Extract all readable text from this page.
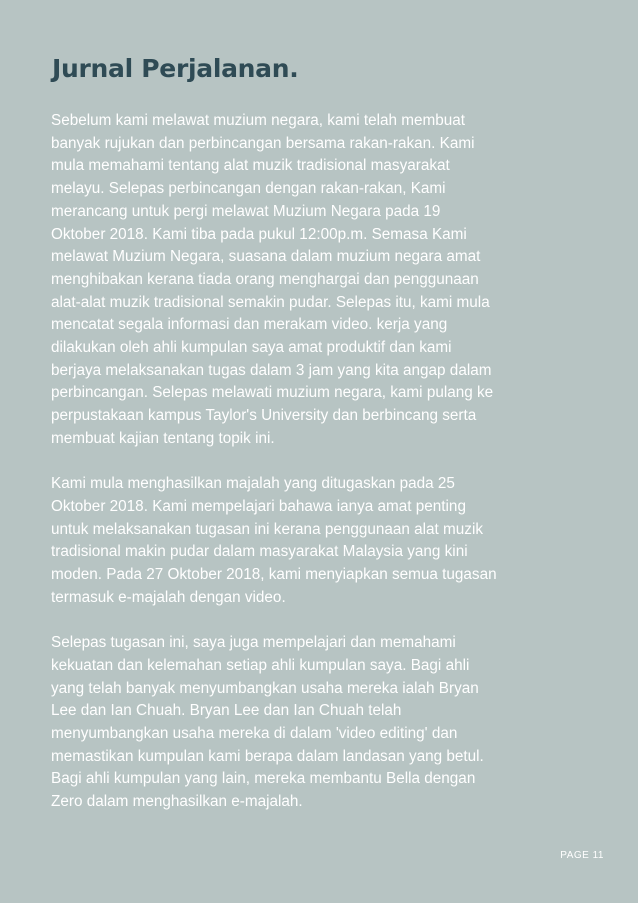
Jurnal Perjalanan.

Sebelum kami melawat muzium negara, kami telah membuat
banyak rujukan dan perbincangan bersama rakan-rakan. Kami
mula memahami tentang alat muzik tradisional masyarakat
melayu. Selepas perbincangan dengan rakan-rakan, Kami
merancang untuk pergi melawat Muzium Negara pada 19
Oktober 2018. Kami tiba pada pukul 12:00p.m. Semasa Kami
melawat Muzium Negara, suasana dalam muzium negara amat
menghibakan kerana tiada orang menghargai dan penggunaan
alat-alat muzik tradisional semakin pudar. Selepas itu, kami mula
mencatat segala informasi dan merakam video. kerja yang
dilakukan oleh ahli kumpulan saya amat produktif dan kami
berjaya melaksanakan tugas dalam 3 jam yang kita angap dalam
perbincangan. Selepas melawati muzium negara, kami pulang ke
perpustakaan kampus Taylor's University dan berbincang serta
membuat kajian tentang topik ini.

Kami mula menghasilkan majalah yang ditugaskan pada 25
Oktober 2018. Kami mempelajari bahawa ianya amat penting
untuk melaksanakan tugasan ini kerana penggunaan alat muzik
tradisional makin pudar dalam masyarakat Malaysia yang kini
moden. Pada 27 Oktober 2018, kami menyiapkan semua tugasan
termasuk e-majalah dengan video.

Selepas tugasan ini, saya juga mempelajari dan memahami
kekuatan dan kelemahan setiap ahli kumpulan saya. Bagi ahli
yang telah banyak menyumbangkan usaha mereka ialah Bryan
Lee dan Ian Chuah. Bryan Lee dan Ian Chuah telah
menyumbangkan usaha mereka di dalam 'video editing' dan
memastikan kumpulan kami berapa dalam landasan yang betul.
Bagi ahli kumpulan yang lain, mereka membantu Bella dengan
Zero dalam menghasilkan e-majalah.

PAGE 11
